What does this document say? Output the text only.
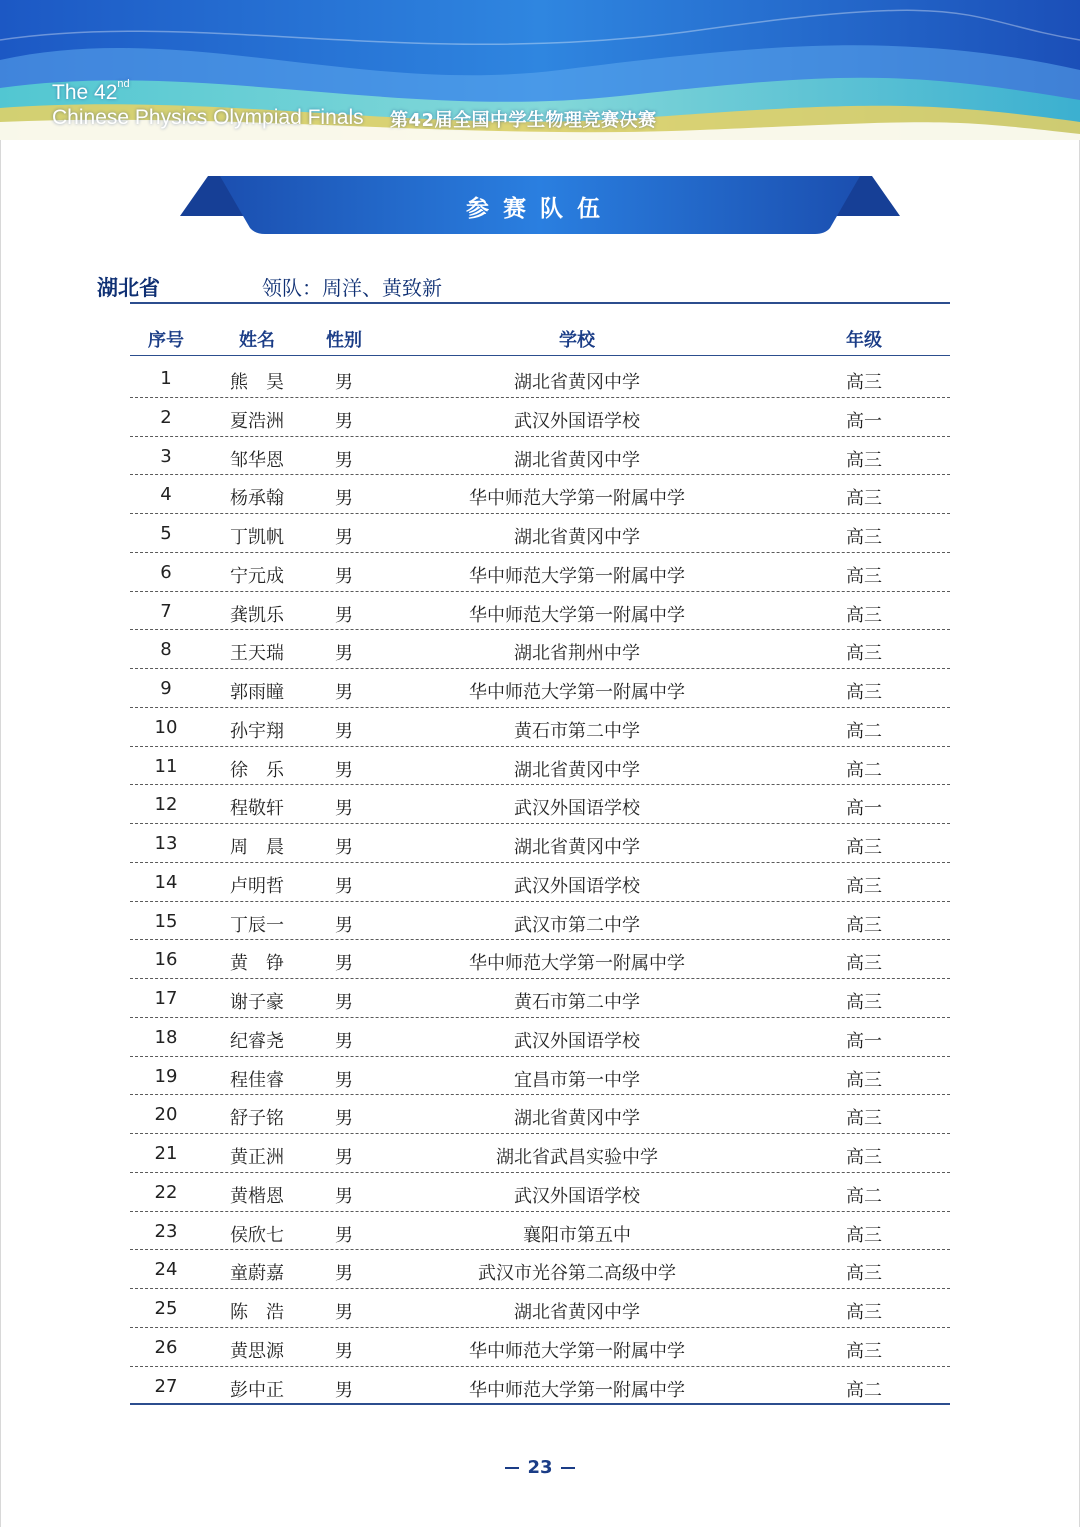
The 42nd
Chinese Physics Olympiad Finals 第42届全国中学生物理竞赛决赛
参赛队伍
湖北省	领队：周洋、黄致新
序号	姓名	性别	学校	年级
1	熊　昊	男	湖北省黄冈中学	高三
2	夏浩洲	男	武汉外国语学校	高一
3	邹华恩	男	湖北省黄冈中学	高三
4	杨承翰	男	华中师范大学第一附属中学	高三
5	丁凯帆	男	湖北省黄冈中学	高三
6	宁元成	男	华中师范大学第一附属中学	高三
7	龚凯乐	男	华中师范大学第一附属中学	高三
8	王天瑞	男	湖北省荆州中学	高三
9	郭雨瞳	男	华中师范大学第一附属中学	高三
10	孙宇翔	男	黄石市第二中学	高二
11	徐　乐	男	湖北省黄冈中学	高二
12	程敬轩	男	武汉外国语学校	高一
13	周　晨	男	湖北省黄冈中学	高三
14	卢明哲	男	武汉外国语学校	高三
15	丁辰一	男	武汉市第二中学	高三
16	黄　铮	男	华中师范大学第一附属中学	高三
17	谢子豪	男	黄石市第二中学	高三
18	纪睿尧	男	武汉外国语学校	高一
19	程佳睿	男	宜昌市第一中学	高三
20	舒子铭	男	湖北省黄冈中学	高三
21	黄正洲	男	湖北省武昌实验中学	高三
22	黄楷恩	男	武汉外国语学校	高二
23	侯欣七	男	襄阳市第五中	高三
24	童蔚嘉	男	武汉市光谷第二高级中学	高三
25	陈　浩	男	湖北省黄冈中学	高三
26	黄思源	男	华中师范大学第一附属中学	高三
27	彭中正	男	华中师范大学第一附属中学	高二
23
